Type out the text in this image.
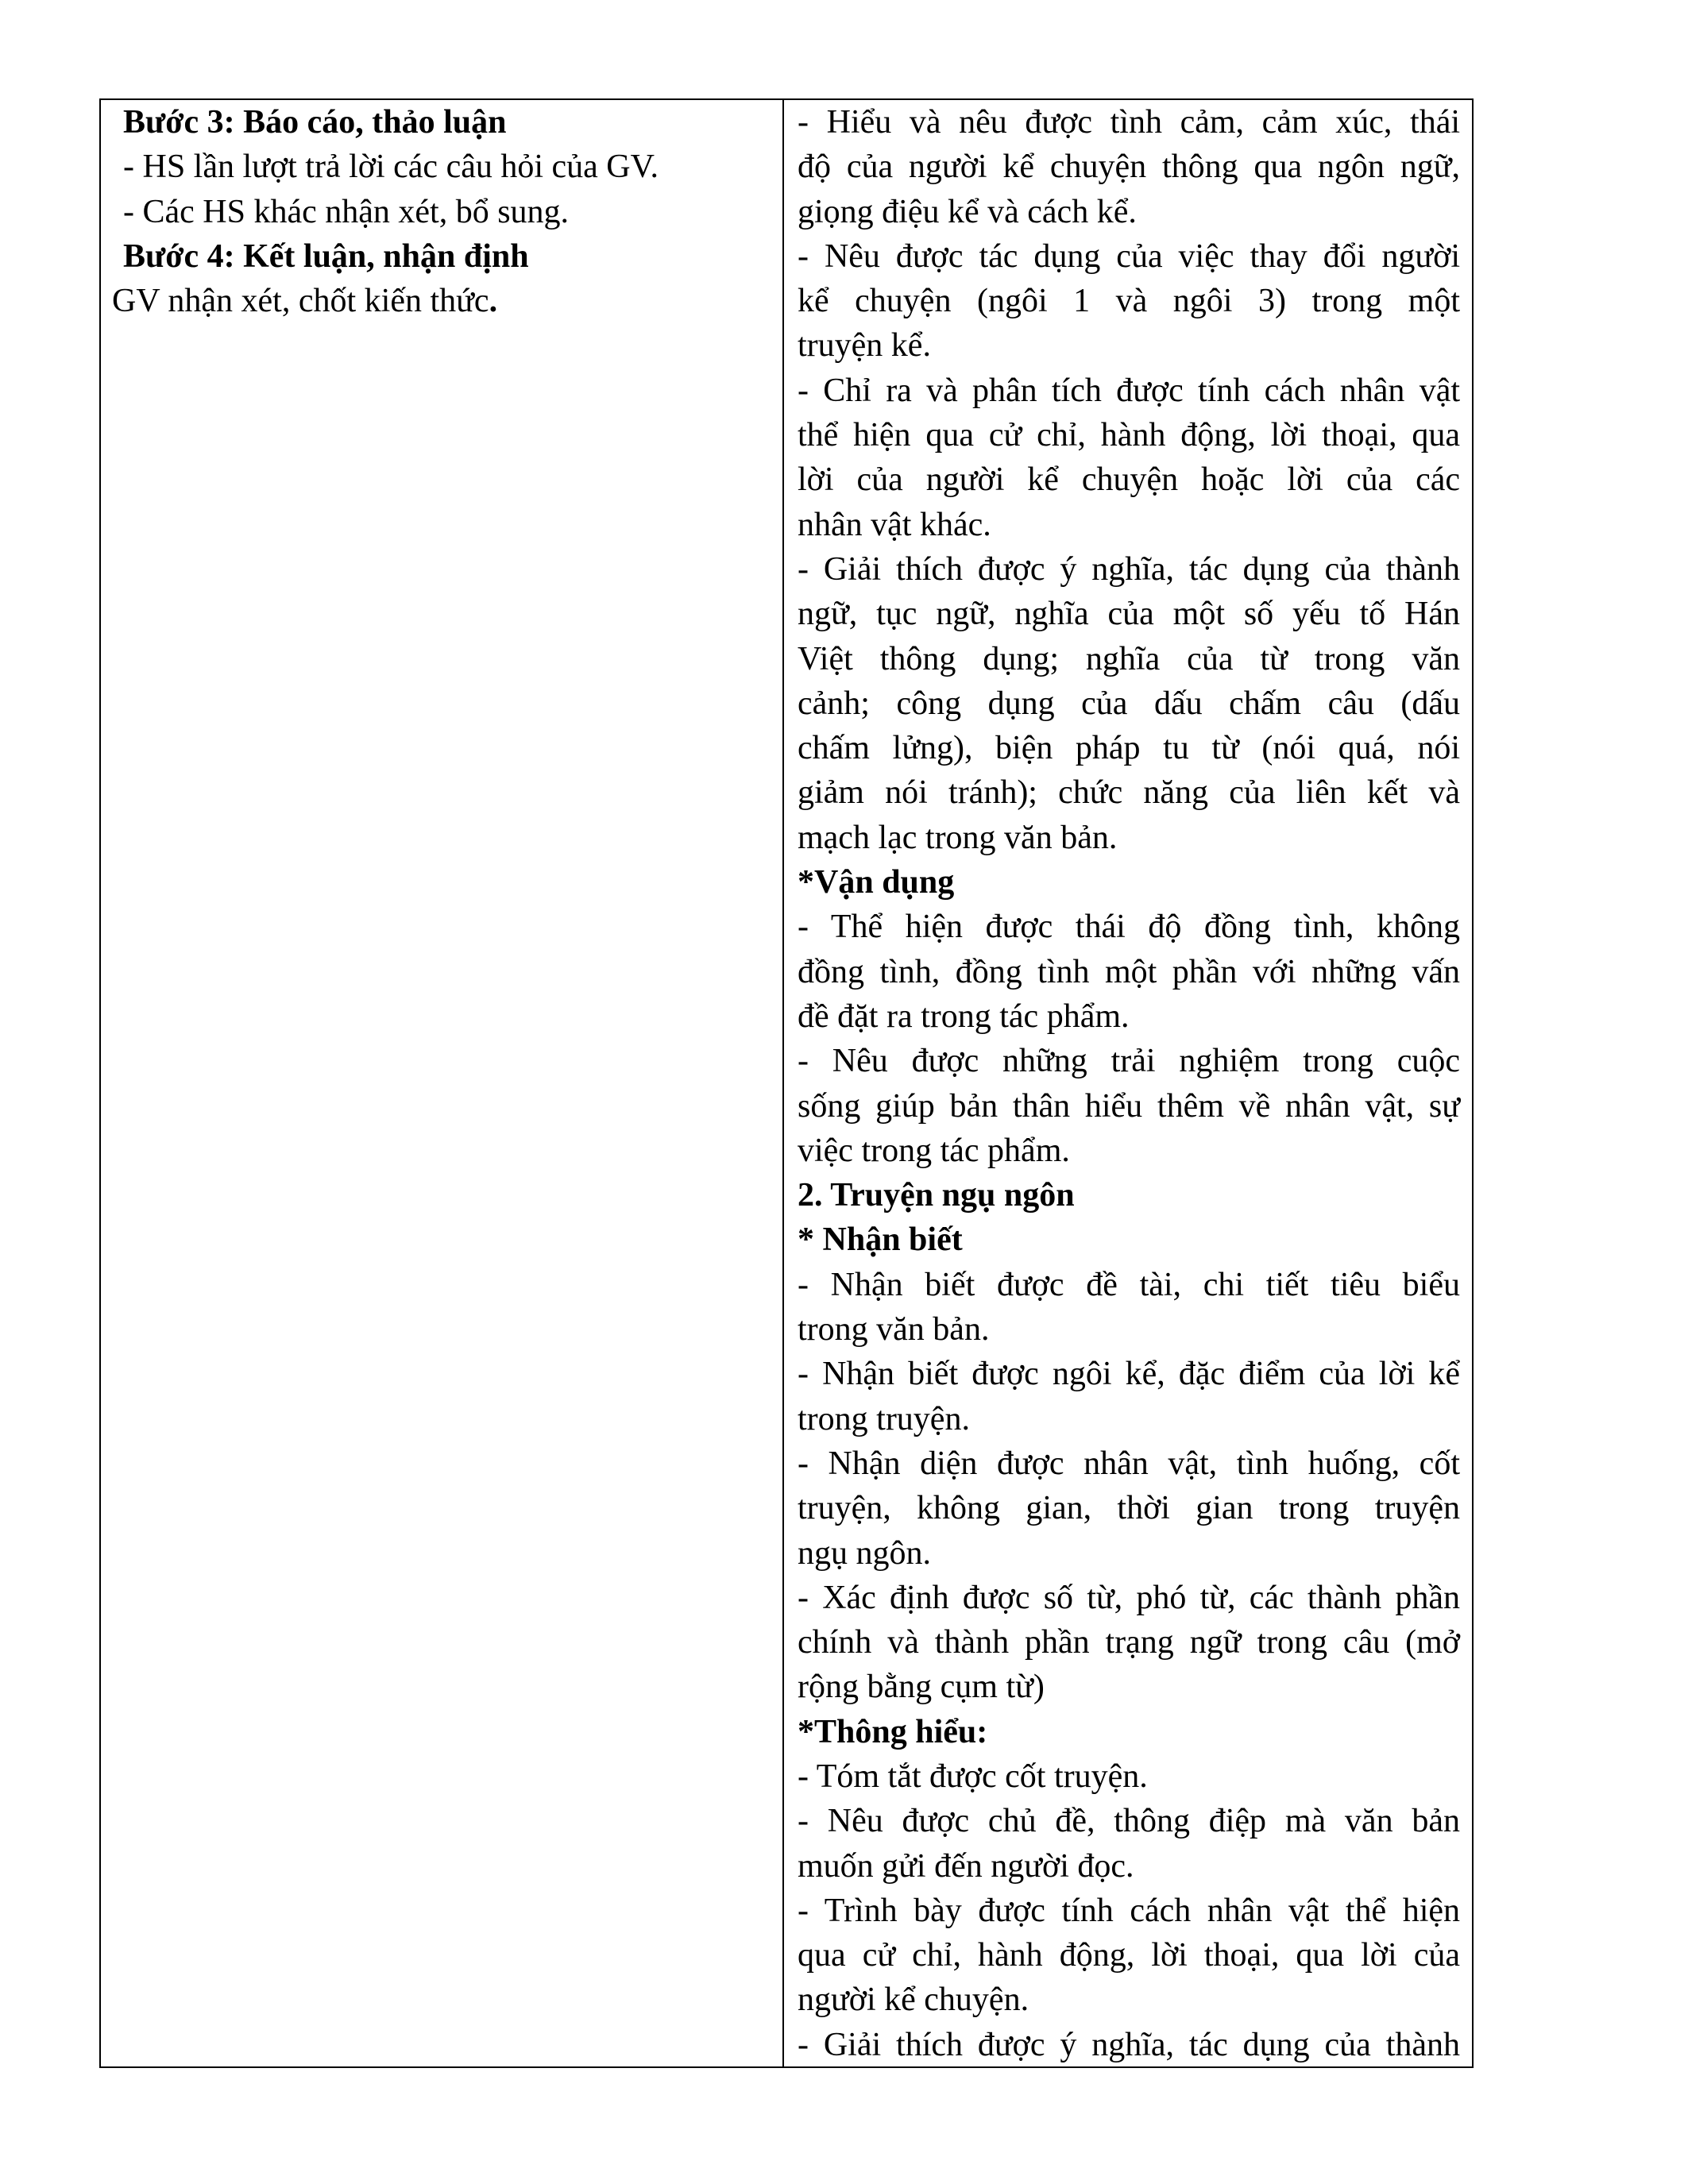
Bước 3: Báo cáo, thảo luận
- HS lần lượt trả lời các câu hỏi của GV.
- Các HS khác nhận xét, bổ sung.
Bước 4: Kết luận, nhận định
GV nhận xét, chốt kiến thức.
- Hiểu và nêu được tình cảm, cảm xúc, thái
độ của người kể chuyện thông qua ngôn ngữ,
giọng điệu kể và cách kể.
- Nêu được tác dụng của việc thay đổi người
kể chuyện (ngôi 1 và ngôi 3) trong một
truyện kể.
- Chỉ ra và phân tích được tính cách nhân vật
thể hiện qua cử chỉ, hành động, lời thoại, qua
lời của người kể chuyện hoặc lời của các
nhân vật khác.
- Giải thích được ý nghĩa, tác dụng của thành
ngữ, tục ngữ, nghĩa của một số yếu tố Hán
Việt thông dụng; nghĩa của từ trong văn
cảnh; công dụng của dấu chấm câu (dấu
chấm lửng), biện pháp tu từ (nói quá, nói
giảm nói tránh); chức năng của liên kết và
mạch lạc trong văn bản.
*Vận dụng
- Thể hiện được thái độ đồng tình, không
đồng tình, đồng tình một phần với những vấn
đề đặt ra trong tác phẩm.
- Nêu được những trải nghiệm trong cuộc
sống giúp bản thân hiểu thêm về nhân vật, sự
việc trong tác phẩm.
2. Truyện ngụ ngôn
* Nhận biết
- Nhận biết được đề tài, chi tiết tiêu biểu
trong văn bản.
- Nhận biết được ngôi kể, đặc điểm của lời kể
trong truyện.
- Nhận diện được nhân vật, tình huống, cốt
truyện, không gian, thời gian trong truyện
ngụ ngôn.
- Xác định được số từ, phó từ, các thành phần
chính và thành phần trạng ngữ trong câu (mở
rộng bằng cụm từ)
*Thông hiểu:
- Tóm tắt được cốt truyện.
- Nêu được chủ đề, thông điệp mà văn bản
muốn gửi đến người đọc.
- Trình bày được tính cách nhân vật thể hiện
qua cử chỉ, hành động, lời thoại, qua lời của
người kể chuyện.
- Giải thích được ý nghĩa, tác dụng của thành
